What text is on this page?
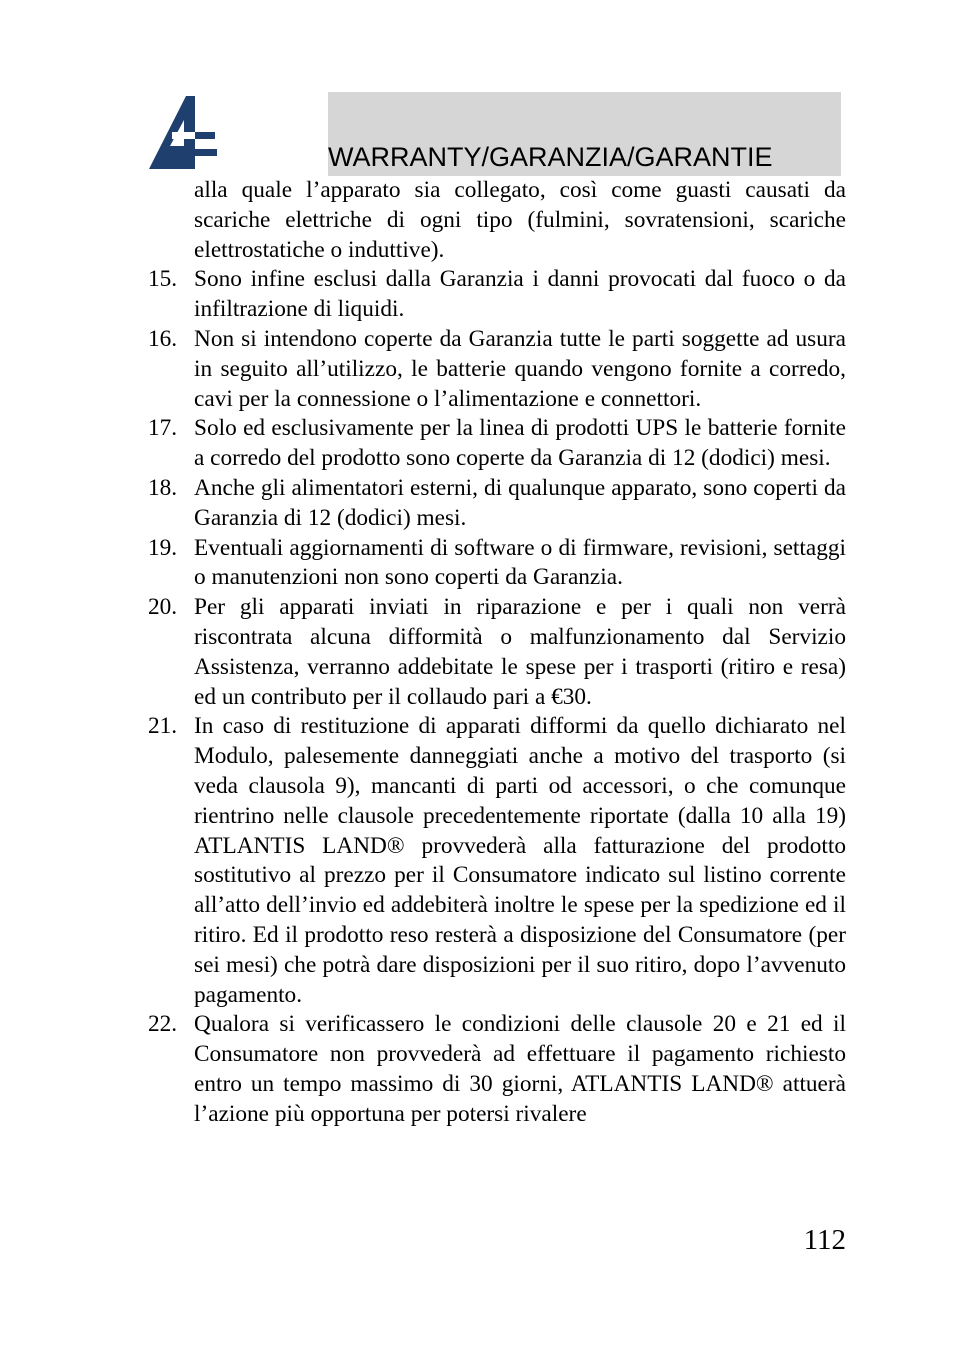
WARRANTY/GARANZIA/GARANTIE
alla quale l’apparato sia collegato, così come guasti causati da scariche elettriche di ogni tipo (fulmini, sovratensioni, scariche elettrostatiche o induttive).
15. Sono infine esclusi dalla Garanzia i danni provocati dal fuoco o da infiltrazione di liquidi.
16. Non si intendono coperte da Garanzia tutte le parti soggette ad usura in seguito all’utilizzo, le batterie quando vengono fornite a corredo, cavi per la connessione o l’alimentazione e connettori.
17. Solo ed esclusivamente per la linea di prodotti UPS le batterie fornite a corredo del prodotto sono coperte da Garanzia di 12 (dodici) mesi.
18. Anche gli alimentatori esterni, di qualunque apparato, sono coperti da Garanzia di 12 (dodici) mesi.
19. Eventuali aggiornamenti di software o di firmware, revisioni, settaggi o manutenzioni non sono coperti da Garanzia.
20. Per gli apparati inviati in riparazione e per i quali non verrà riscontrata alcuna difformità o malfunzionamento dal Servizio Assistenza, verranno addebitate le spese per i trasporti (ritiro e resa) ed un contributo per il collaudo pari a €30.
21. In caso di restituzione di apparati difformi da quello dichiarato nel Modulo, palesemente danneggiati anche a motivo del trasporto (si veda clausola 9), mancanti di parti od accessori, o che comunque rientrino nelle clausole precedentemente riportate (dalla 10 alla 19) ATLANTIS LAND® provvederà alla fatturazione del prodotto sostitutivo al prezzo per il Consumatore indicato sul listino corrente all’atto dell’invio ed addebiterà inoltre le spese per la spedizione ed il ritiro. Ed il prodotto reso resterà a disposizione del Consumatore (per sei mesi) che potrà dare disposizioni per il suo ritiro, dopo l’avvenuto pagamento.
22. Qualora si verificassero le condizioni delle clausole 20 e 21 ed il Consumatore non provvederà ad effettuare il pagamento richiesto entro un tempo massimo di 30 giorni, ATLANTIS LAND® attuerà l’azione più opportuna per potersi rivalere
112
